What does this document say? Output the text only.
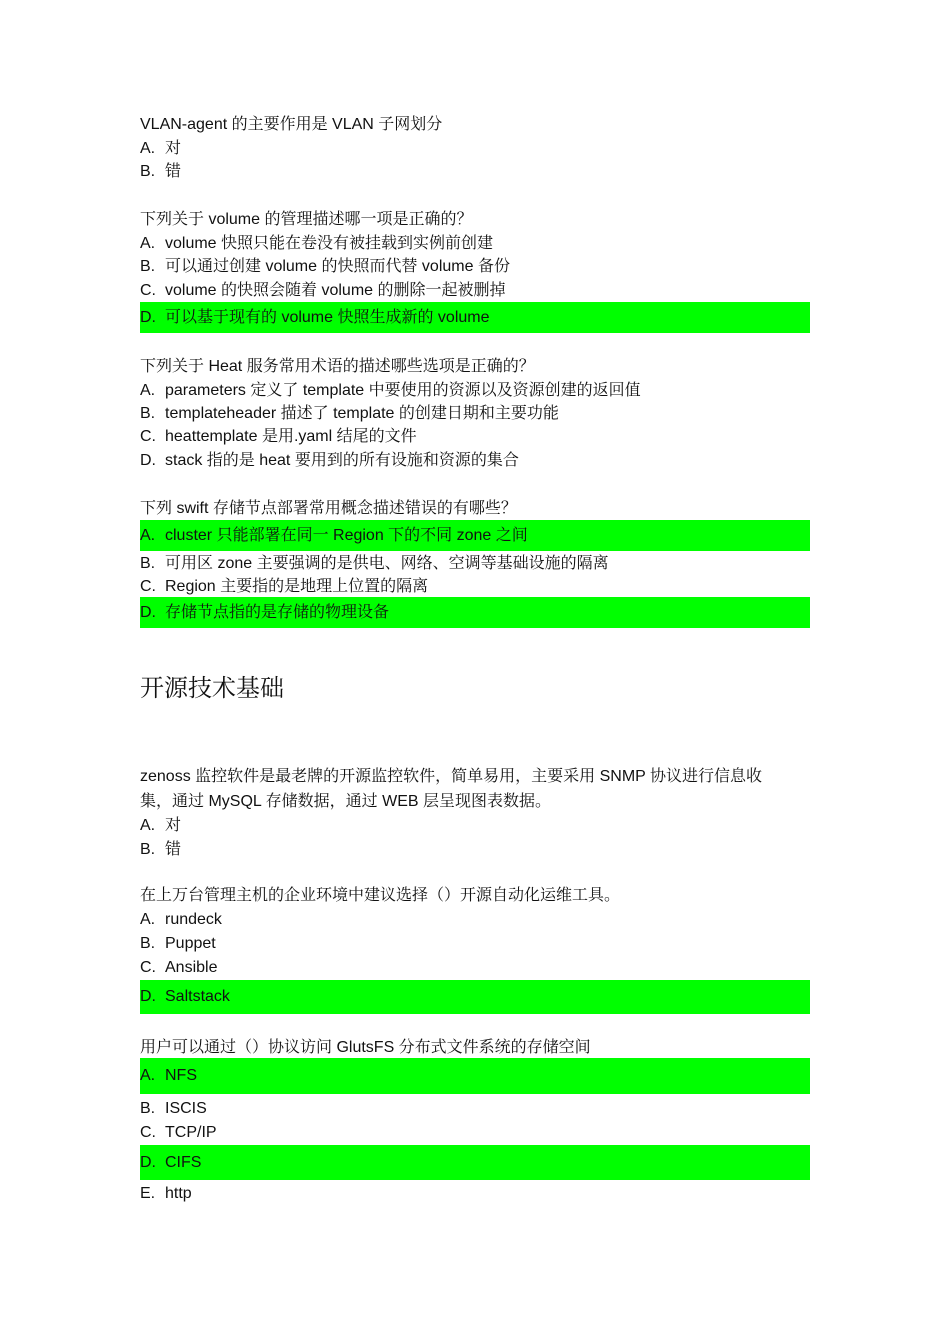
VLAN-agent 的主要作用是 VLAN 子网划分
A. 对
B. 错
下列关于 volume 的管理描述哪一项是正确的？
A. volume 快照只能在卷没有被挂载到实例前创建
B. 可以通过创建 volume 的快照而代替 volume 备份
C. volume 的快照会随着 volume 的删除一起被删掉
D. 可以基于现有的 volume 快照生成新的 volume
下列关于 Heat 服务常用术语的描述哪些选项是正确的？
A. parameters 定义了 template 中要使用的资源以及资源创建的返回值
B. templateheader 描述了 template 的创建日期和主要功能
C. heattemplate 是用.yaml 结尾的文件
D. stack 指的是 heat 要用到的所有设施和资源的集合
下列 swift 存储节点部署常用概念描述错误的有哪些？
A. cluster 只能部署在同一 Region 下的不同 zone 之间
B. 可用区 zone 主要强调的是供电、网络、空调等基础设施的隔离
C. Region 主要指的是地理上位置的隔离
D. 存储节点指的是存储的物理设备
开源技术基础
zenoss 监控软件是最老牌的开源监控软件，简单易用，主要采用 SNMP 协议进行信息收
集，通过 MySQL 存储数据，通过 WEB 层呈现图表数据。
A. 对
B. 错
在上万台管理主机的企业环境中建议选择（）开源自动化运维工具。
A. rundeck
B. Puppet
C. Ansible
D. Saltstack
用户可以通过（）协议访问 GlutsFS 分布式文件系统的存储空间
A. NFS
B. ISCIS
C. TCP/IP
D. CIFS
E. http
